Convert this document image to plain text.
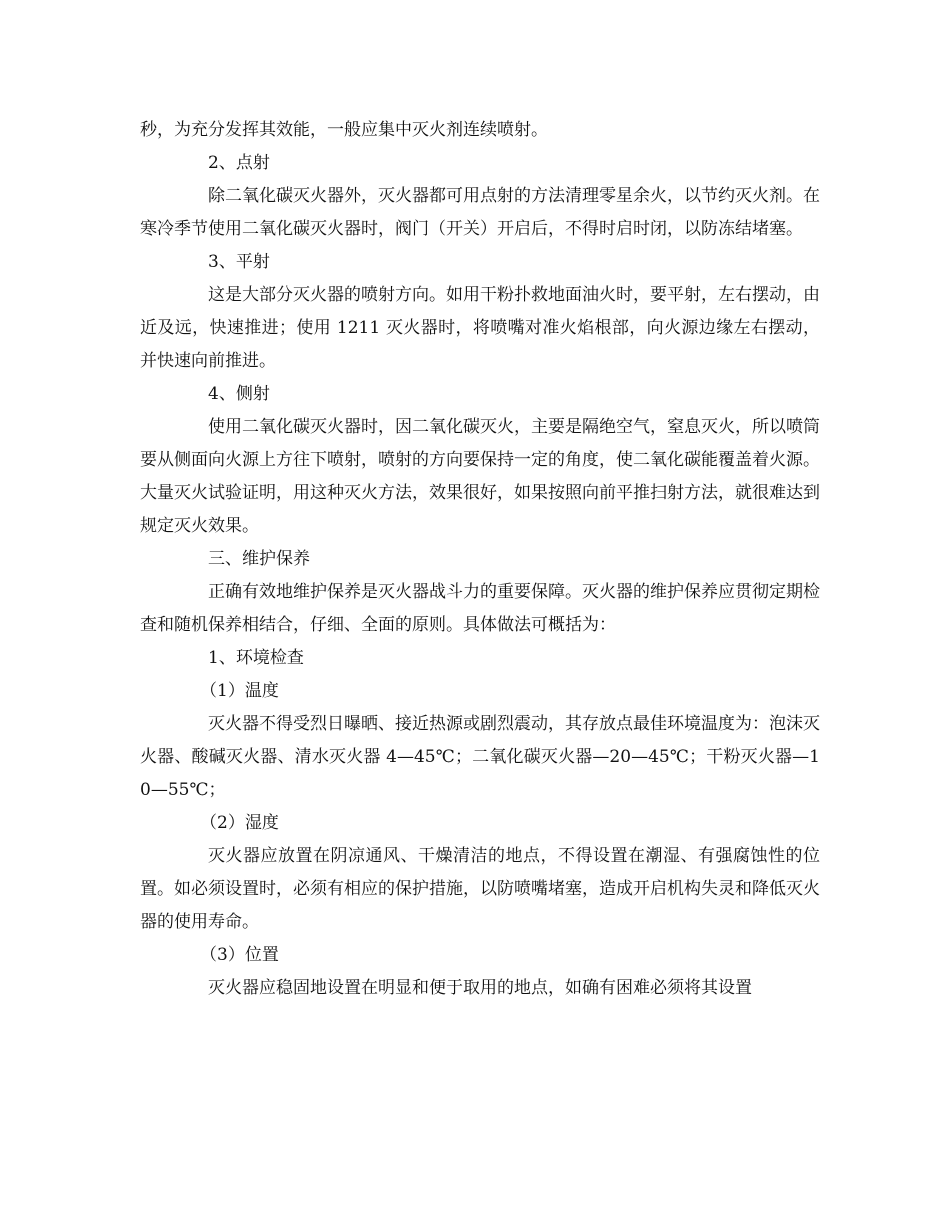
秒，为充分发挥其效能，一般应集中灭火剂连续喷射。

2、点射

除二氧化碳灭火器外，灭火器都可用点射的方法清理零星余火，以节约灭火剂。在寒冷季节使用二氧化碳灭火器时，阀门（开关）开启后，不得时启时闭，以防冻结堵塞。

3、平射

这是大部分灭火器的喷射方向。如用干粉扑救地面油火时，要平射，左右摆动，由近及远，快速推进；使用 1211 灭火器时，将喷嘴对准火焰根部，向火源边缘左右摆动，并快速向前推进。

4、侧射

使用二氧化碳灭火器时，因二氧化碳灭火，主要是隔绝空气，窒息灭火，所以喷筒要从侧面向火源上方往下喷射，喷射的方向要保持一定的角度，使二氧化碳能覆盖着火源。大量灭火试验证明，用这种灭火方法，效果很好，如果按照向前平推扫射方法，就很难达到规定灭火效果。

三、维护保养

正确有效地维护保养是灭火器战斗力的重要保障。灭火器的维护保养应贯彻定期检查和随机保养相结合，仔细、全面的原则。具体做法可概括为：

1、环境检查

（1）温度

灭火器不得受烈日曝晒、接近热源或剧烈震动，其存放点最佳环境温度为：泡沫灭火器、酸碱灭火器、清水灭火器 4—45℃；二氧化碳灭火器—20—45℃；干粉灭火器—10—55℃；

（2）湿度

灭火器应放置在阴凉通风、干燥清洁的地点，不得设置在潮湿、有强腐蚀性的位置。如必须设置时，必须有相应的保护措施，以防喷嘴堵塞，造成开启机构失灵和降低灭火器的使用寿命。

（3）位置

灭火器应稳固地设置在明显和便于取用的地点，如确有困难必须将其设置
